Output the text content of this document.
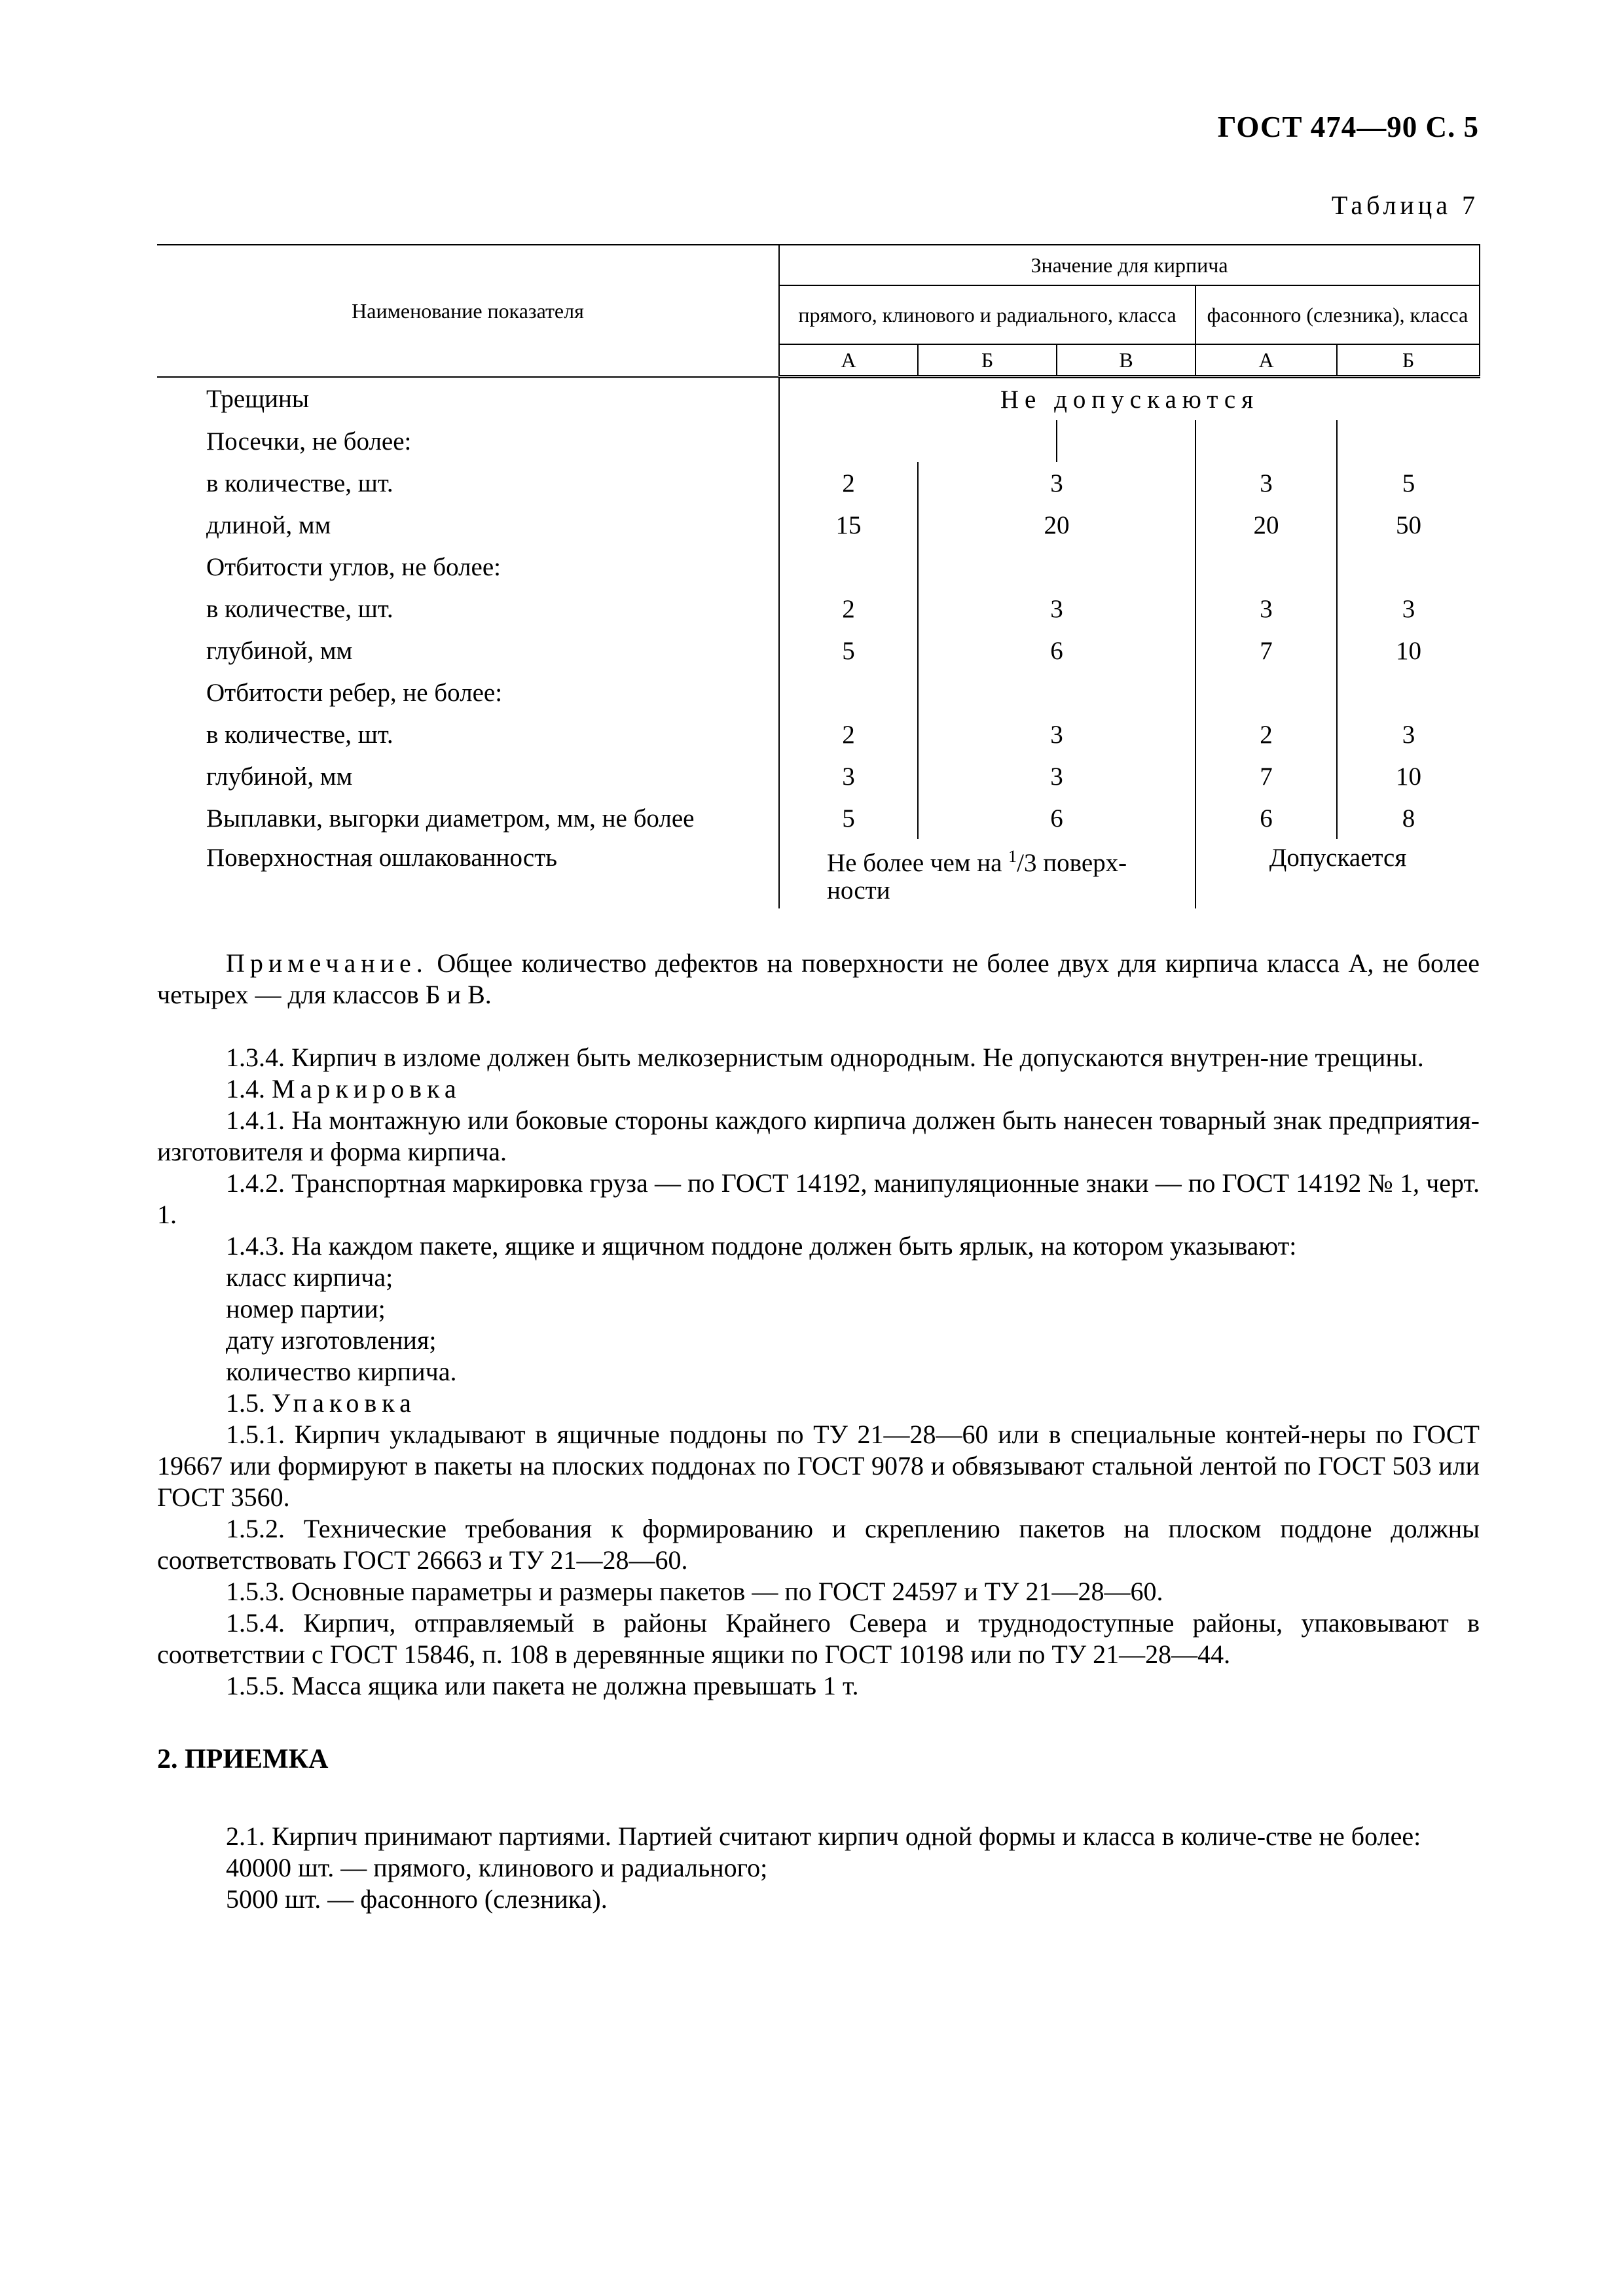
ГОСТ 474—90 С. 5
Таблица 7
Наименование показателя	Значение для кирпича				
	прямого, клинового и радиального, класса			фасонного (слезника), класса	
	А	Б	В	А	Б
Трещины	Не допускаются				
Посечки, не более:					
в количестве, шт.	2	3		3	5
длиной, мм	15	20		20	50
Отбитости углов, не более:					
в количестве, шт.	2	3		3	3
глубиной, мм	5	6		7	10
Отбитости ребер, не более:					
в количестве, шт.	2	3		2	3
глубиной, мм	3	3		7	10
Выплавки, выгорки диаметром, мм, не более	5	6		6	8
Поверхностная ошлакованность	Не более чем на $^1$/3 поверх-ности			Допускается	

Примечание. Общее количество дефектов на поверхности не более двух для кирпича класса А, не более четырех — для классов Б и В.

1.3.4. Кирпич в изломе должен быть мелкозернистым однородным. Не допускаются внутрен-ние трещины.

1.4. Маркировка

1.4.1. На монтажную или боковые стороны каждого кирпича должен быть нанесен товарный знак предприятия-изготовителя и форма кирпича.

1.4.2. Транспортная маркировка груза — по ГОСТ 14192, манипуляционные знаки — по ГОСТ 14192 № 1, черт. 1.

1.4.3. На каждом пакете, ящике и ящичном поддоне должен быть ярлык, на котором указывают:

класс кирпича;

номер партии;

дату изготовления;

количество кирпича.

1.5. Упаковка

1.5.1. Кирпич укладывают в ящичные поддоны по ТУ 21—28—60 или в специальные контей-неры по ГОСТ 19667 или формируют в пакеты на плоских поддонах по ГОСТ 9078 и обвязывают стальной лентой по ГОСТ 503 или ГОСТ 3560.

1.5.2. Технические требования к формированию и скреплению пакетов на плоском поддоне должны соответствовать ГОСТ 26663 и ТУ 21—28—60.

1.5.3. Основные параметры и размеры пакетов — по ГОСТ 24597 и ТУ 21—28—60.

1.5.4. Кирпич, отправляемый в районы Крайнего Севера и труднодоступные районы, упаковывают в соответствии с ГОСТ 15846, п. 108 в деревянные ящики по ГОСТ 10198 или по ТУ 21—28—44.

1.5.5. Масса ящика или пакета не должна превышать 1 т.

2. ПРИЕМКА

2.1. Кирпич принимают партиями. Партией считают кирпич одной формы и класса в количе-стве не более:

40000 шт. — прямого, клинового и радиального;

5000 шт. — фасонного (слезника).
